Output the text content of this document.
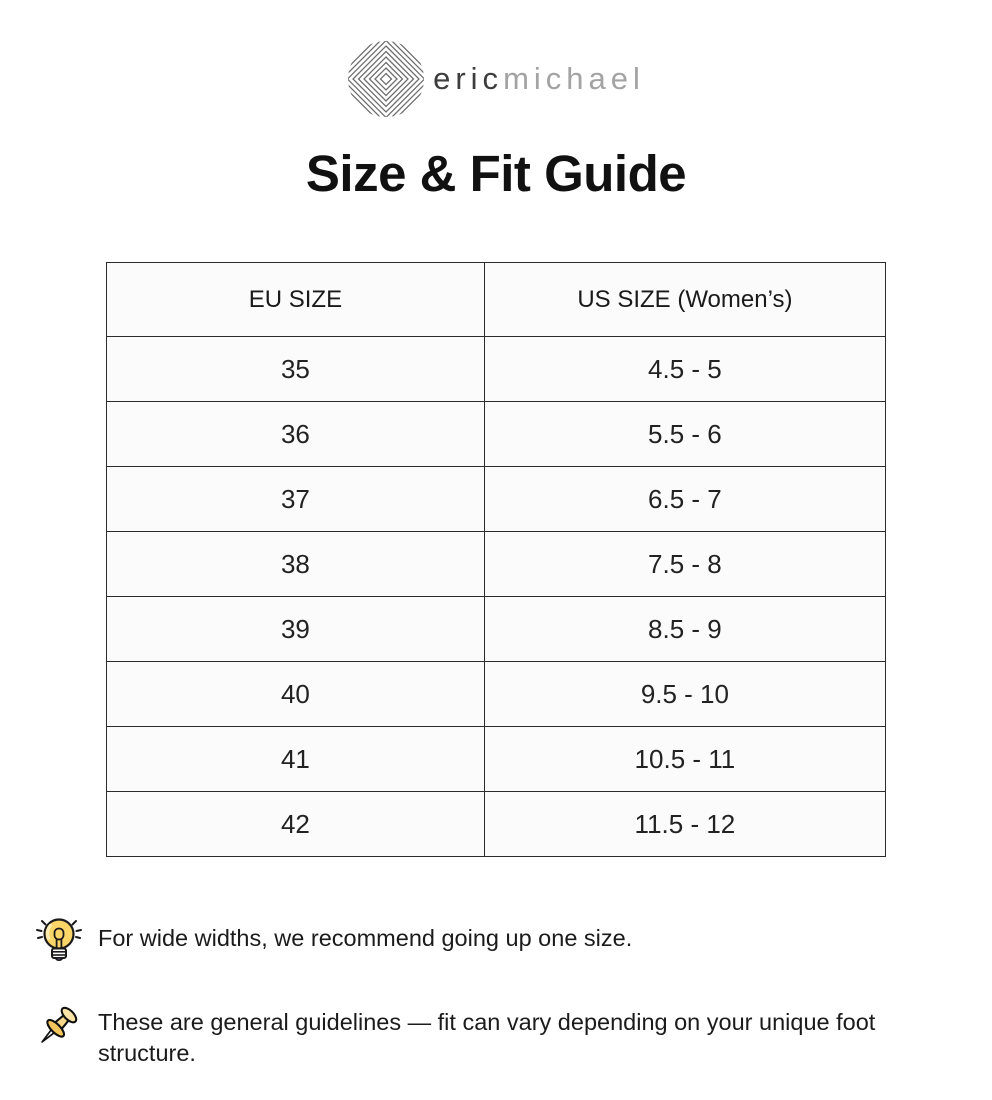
ericmichael
Size & Fit Guide
EU SIZE	US SIZE (Women’s)
35	4.5 - 5
36	5.5 - 6
37	6.5 - 7
38	7.5 - 8
39	8.5 - 9
40	9.5 - 10
41	10.5 - 11
42	11.5 - 12
For wide widths, we recommend going up one size.
These are general guidelines — fit can vary depending on your unique foot structure.
